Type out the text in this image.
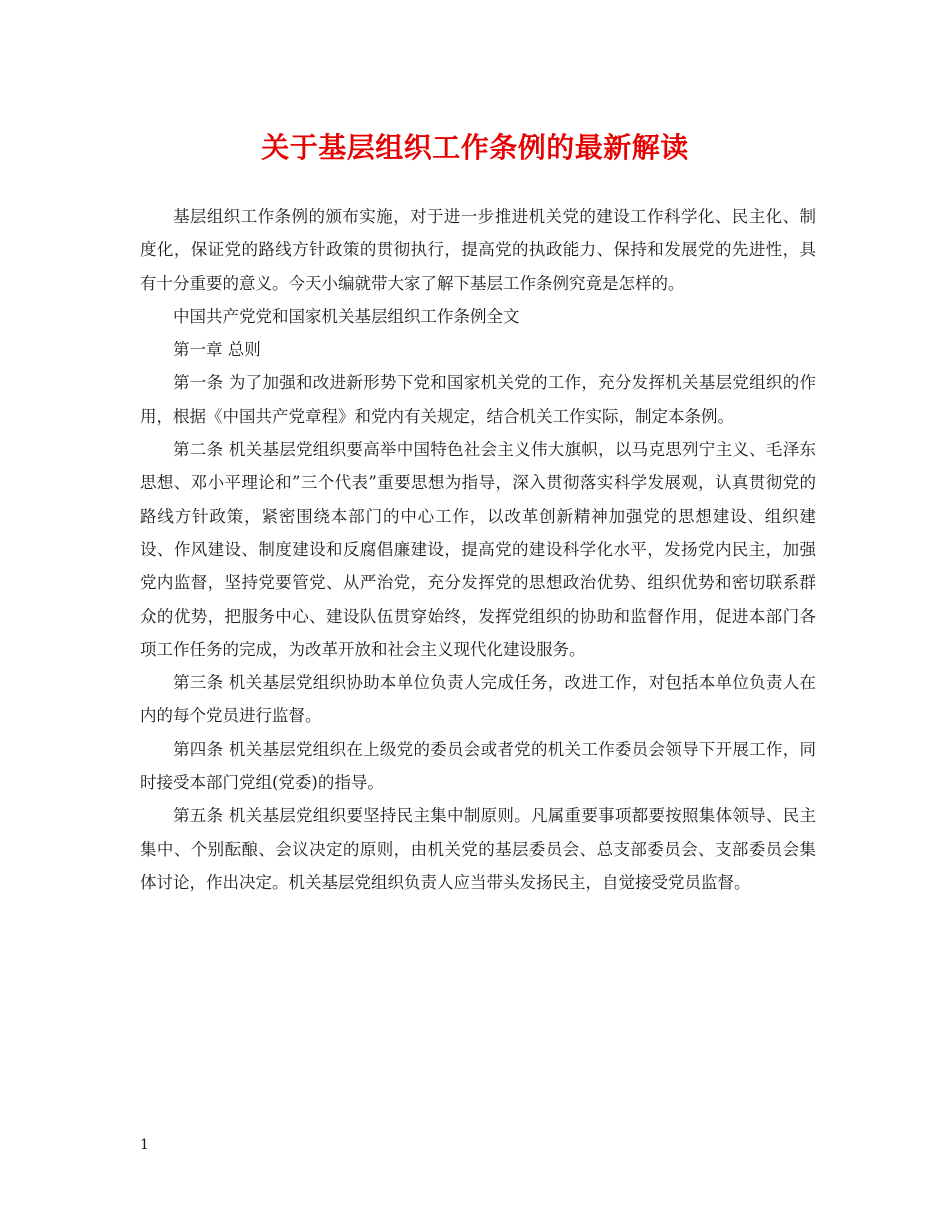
关于基层组织工作条例的最新解读

基层组织工作条例的颁布实施，对于进一步推进机关党的建设工作科学化、民主化、制度化，保证党的路线方针政策的贯彻执行，提高党的执政能力、保持和发展党的先进性，具有十分重要的意义。今天小编就带大家了解下基层工作条例究竟是怎样的。

中国共产党党和国家机关基层组织工作条例全文

第一章 总则

第一条 为了加强和改进新形势下党和国家机关党的工作，充分发挥机关基层党组织的作用，根据《中国共产党章程》和党内有关规定，结合机关工作实际，制定本条例。

第二条 机关基层党组织要高举中国特色社会主义伟大旗帜，以马克思列宁主义、毛泽东思想、邓小平理论和”三个代表”重要思想为指导，深入贯彻落实科学发展观，认真贯彻党的路线方针政策，紧密围绕本部门的中心工作，以改革创新精神加强党的思想建设、组织建设、作风建设、制度建设和反腐倡廉建设，提高党的建设科学化水平，发扬党内民主，加强党内监督，坚持党要管党、从严治党，充分发挥党的思想政治优势、组织优势和密切联系群众的优势，把服务中心、建设队伍贯穿始终，发挥党组织的协助和监督作用，促进本部门各项工作任务的完成，为改革开放和社会主义现代化建设服务。

第三条 机关基层党组织协助本单位负责人完成任务，改进工作，对包括本单位负责人在内的每个党员进行监督。

第四条 机关基层党组织在上级党的委员会或者党的机关工作委员会领导下开展工作，同时接受本部门党组(党委)的指导。

第五条 机关基层党组织要坚持民主集中制原则。凡属重要事项都要按照集体领导、民主集中、个别酝酿、会议决定的原则，由机关党的基层委员会、总支部委员会、支部委员会集体讨论，作出决定。机关基层党组织负责人应当带头发扬民主，自觉接受党员监督。

1
